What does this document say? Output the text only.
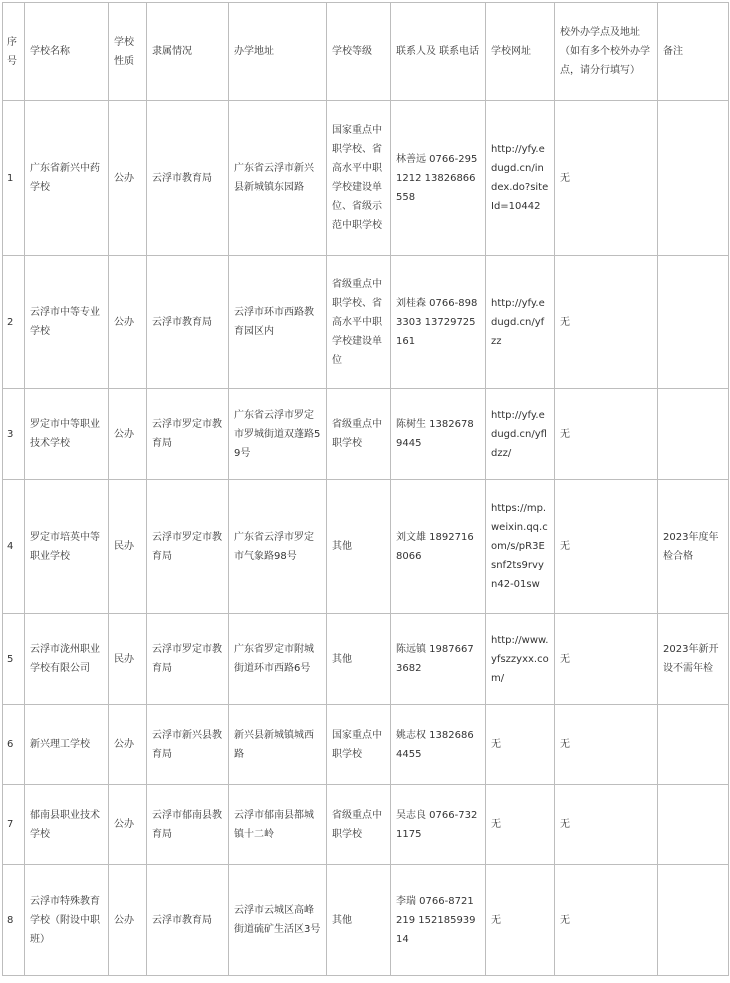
序 号	学校名称	学校 性质	隶属情况	办学地址	学校等级	联系人及 联系电话	学校网址	校外办学点及地址 （如有多个校外办学点，请分行填写）	备注
1	广东省新兴中药学校	公办	云浮市教育局	广东省云浮市新兴县新城镇东园路	国家重点中职学校、省高水平中职学校建设单位、省级示范中职学校	林善远 0766-2951212 13826866558	http://yfy.edugd.cn/index.do?siteId=10442	无	
2	云浮市中等专业学校	公办	云浮市教育局	云浮市环市西路教育园区内	省级重点中职学校、省高水平中职学校建设单位	刘桂森 0766-8983303 13729725161	http://yfy.edugd.cn/yfzz	无	
3	罗定市中等职业技术学校	公办	云浮市罗定市教育局	广东省云浮市罗定市罗城街道双蓬路59号	省级重点中职学校	陈树生 13826789445	http://yfy.edugd.cn/yfldzz/	无	
4	罗定市培英中等职业学校	民办	云浮市罗定市教育局	广东省云浮市罗定市气象路98号	其他	刘文雄 18927168066	https://mp.weixin.qq.com/s/pR3Esnf2ts9rvyn42-01sw	无	2023年度年检合格
5	云浮市泷州职业学校有限公司	民办	云浮市罗定市教育局	广东省罗定市附城街道环市西路6号	其他	陈远镇 19876673682	http://www.yfszzyxx.com/	无	2023年新开设不需年检
6	新兴理工学校	公办	云浮市新兴县教育局	新兴县新城镇城西路	国家重点中职学校	姚志权 13826864455	无	无	
7	郁南县职业技术学校	公办	云浮市郁南县教育局	云浮市郁南县都城镇十二岭	省级重点中职学校	吴志良 0766-7321175	无	无	
8	云浮市特殊教育学校（附设中职班）	公办	云浮市教育局	云浮市云城区高峰街道硫矿生活区3号	其他	李瑞 0766-8721219 15218593914	无	无	
